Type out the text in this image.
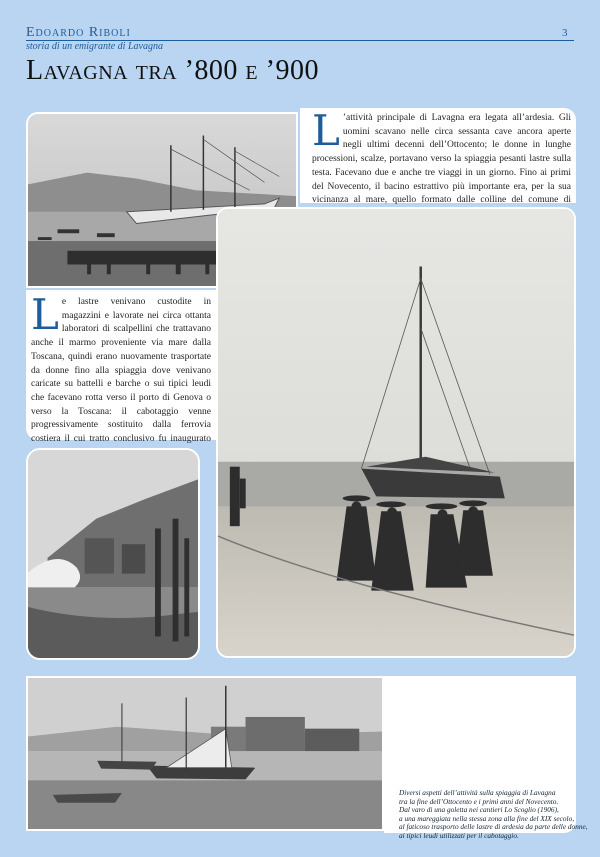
Edoardo Riboli
storia di un emigrante di Lavagna
3
Lavagna tra ’800 e ’900
L ’attività principale di Lavagna era legata all’ardesia. Gli uomini scavano nelle circa sessanta cave ancora aperte negli ultimi decenni dell’Ottocento; le donne in lunghe processioni, scalze, portavano verso la spiaggia pesanti lastre sulla testa. Facevano due e anche tre viaggi in un giorno. Fino ai primi del Novecento, il bacino estrattivo più importante era, per la sua vicinanza al mare, quello formato dalle colline del comune di
Le lastre venivano custodite in magazzini e lavorate nei circa ottanta laboratori di scalpellini che trattavano anche il marmo proveniente via mare dalla Toscana, quindi erano nuovamente trasportate da donne fino alla spiaggia dove venivano caricate su battelli e barche o sui tipici leudi che facevano rotta verso il porto di Genova o verso la Toscana: il cabotaggio venne progressivamente sostituito dalla ferrovia costiera il cui tratto conclusivo fu inaugurato
Diversi aspetti dell’attività sulla spiaggia di Lavagna
tra la fine dell’Ottocento e i primi anni del Novecento.
Dal varo di una goletta nei cantieri Lo Scoglio (1906),
a una mareggiata nella stessa zona alla fine del XIX secolo,
al faticoso trasporto delle lastre di ardesia da parte delle donne,
ai tipici leudi utilizzati per il cabotaggio.
